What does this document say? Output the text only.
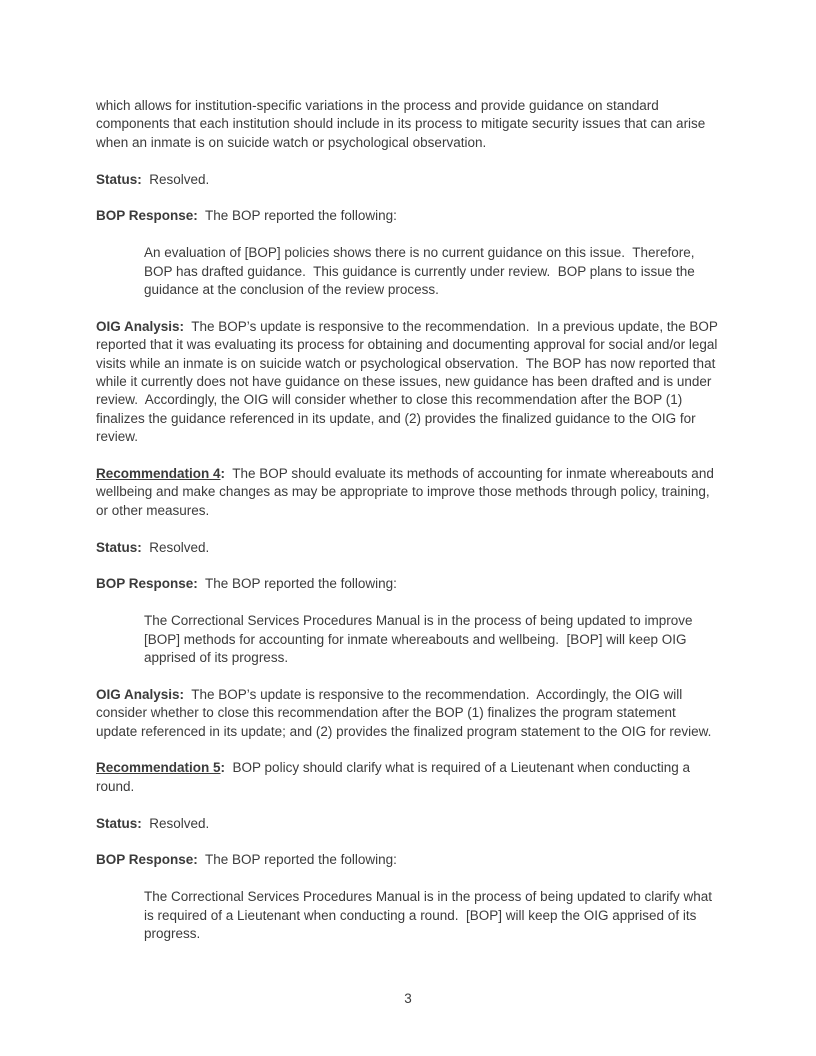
which allows for institution-specific variations in the process and provide guidance on standard components that each institution should include in its process to mitigate security issues that can arise when an inmate is on suicide watch or psychological observation.

Status:  Resolved.

BOP Response:  The BOP reported the following:

An evaluation of [BOP] policies shows there is no current guidance on this issue.  Therefore, BOP has drafted guidance.  This guidance is currently under review.  BOP plans to issue the guidance at the conclusion of the review process.

OIG Analysis:  The BOP’s update is responsive to the recommendation.  In a previous update, the BOP reported that it was evaluating its process for obtaining and documenting approval for social and/or legal visits while an inmate is on suicide watch or psychological observation.  The BOP has now reported that while it currently does not have guidance on these issues, new guidance has been drafted and is under review.  Accordingly, the OIG will consider whether to close this recommendation after the BOP (1) finalizes the guidance referenced in its update, and (2) provides the finalized guidance to the OIG for review.

Recommendation 4:  The BOP should evaluate its methods of accounting for inmate whereabouts and wellbeing and make changes as may be appropriate to improve those methods through policy, training, or other measures.

Status:  Resolved.

BOP Response:  The BOP reported the following:

The Correctional Services Procedures Manual is in the process of being updated to improve [BOP] methods for accounting for inmate whereabouts and wellbeing.  [BOP] will keep OIG apprised of its progress.

OIG Analysis:  The BOP’s update is responsive to the recommendation.  Accordingly, the OIG will consider whether to close this recommendation after the BOP (1) finalizes the program statement update referenced in its update; and (2) provides the finalized program statement to the OIG for review.

Recommendation 5:  BOP policy should clarify what is required of a Lieutenant when conducting a round.

Status:  Resolved.

BOP Response:  The BOP reported the following:

The Correctional Services Procedures Manual is in the process of being updated to clarify what is required of a Lieutenant when conducting a round.  [BOP] will keep the OIG apprised of its progress.

3
